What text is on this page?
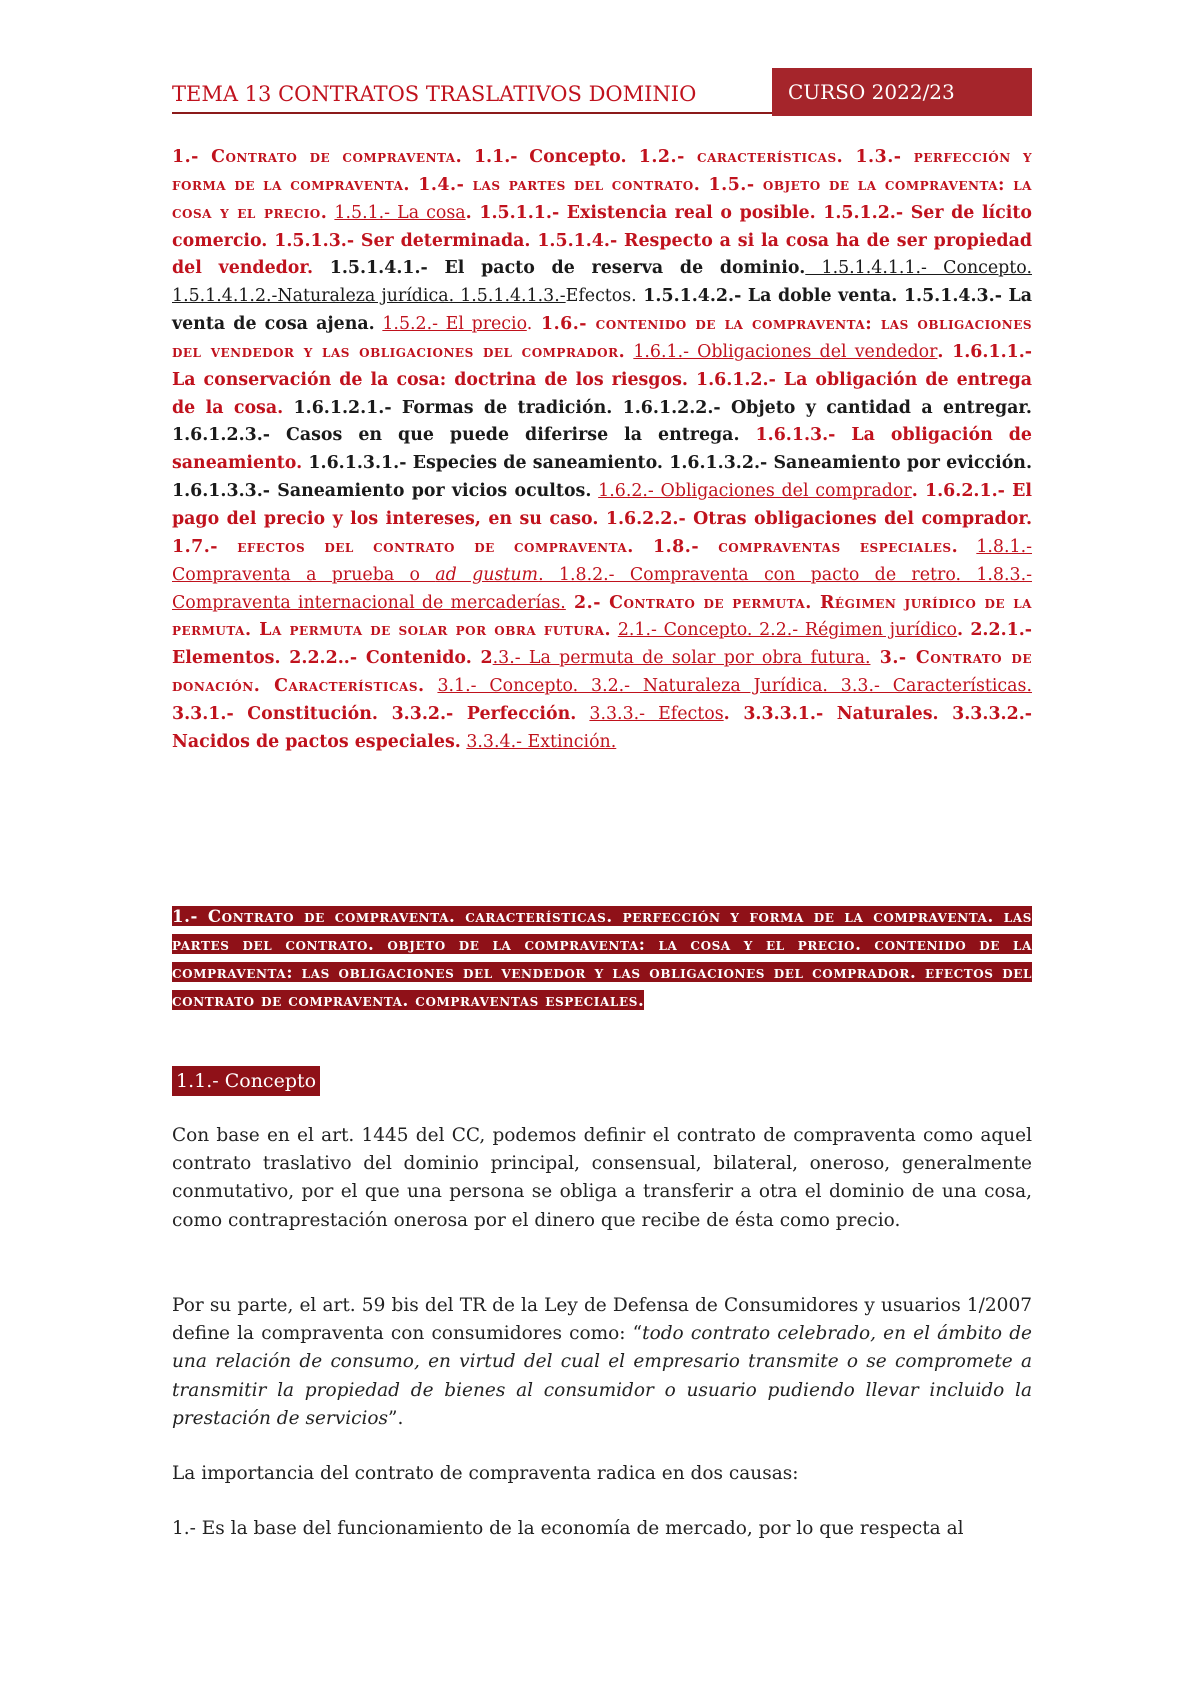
TEMA 13 CONTRATOS TRASLATIVOS DOMINIO	CURSO 2022/23
1.- Contrato de compraventa. 1.1.- Concepto. 1.2.- características. 1.3.- perfección y forma de la compraventa. 1.4.- las partes del contrato. 1.5.- objeto de la compraventa: la cosa y el precio. 1.5.1.- La cosa. 1.5.1.1.- Existencia real o posible. 1.5.1.2.- Ser de lícito comercio. 1.5.1.3.- Ser determinada. 1.5.1.4.- Respecto a si la cosa ha de ser propiedad del vendedor. 1.5.1.4.1.- El pacto de reserva de dominio. 1.5.1.4.1.1.- Concepto. 1.5.1.4.1.2.-Naturaleza jurídica. 1.5.1.4.1.3.-Efectos. 1.5.1.4.2.- La doble venta. 1.5.1.4.3.- La venta de cosa ajena. 1.5.2.- El precio. 1.6.- contenido de la compraventa: las obligaciones del vendedor y las obligaciones del comprador. 1.6.1.- Obligaciones del vendedor. 1.6.1.1.- La conservación de la cosa: doctrina de los riesgos. 1.6.1.2.- La obligación de entrega de la cosa. 1.6.1.2.1.- Formas de tradición. 1.6.1.2.2.- Objeto y cantidad a entregar. 1.6.1.2.3.- Casos en que puede diferirse la entrega. 1.6.1.3.- La obligación de saneamiento. 1.6.1.3.1.- Especies de saneamiento. 1.6.1.3.2.- Saneamiento por evicción. 1.6.1.3.3.- Saneamiento por vicios ocultos. 1.6.2.- Obligaciones del comprador. 1.6.2.1.- El pago del precio y los intereses, en su caso. 1.6.2.2.- Otras obligaciones del comprador. 1.7.- efectos del contrato de compraventa. 1.8.- compraventas especiales. 1.8.1.- Compraventa a prueba o ad gustum. 1.8.2.- Compraventa con pacto de retro. 1.8.3.- Compraventa internacional de mercaderías. 2.- Contrato de permuta. Régimen jurídico de la permuta. La permuta de solar por obra futura. 2.1.- Concepto. 2.2.- Régimen jurídico. 2.2.1.- Elementos. 2.2.2..- Contenido. 2.3.- La permuta de solar por obra futura. 3.- Contrato de donación. Características. 3.1.- Concepto. 3.2.- Naturaleza Jurídica. 3.3.- Características. 3.3.1.- Constitución. 3.3.2.- Perfección. 3.3.3.- Efectos. 3.3.3.1.- Naturales. 3.3.3.2.- Nacidos de pactos especiales. 3.3.4.- Extinción.
1.- Contrato de compraventa. características. perfección y forma de la compraventa. las partes del contrato. objeto de la compraventa: la cosa y el precio. contenido de la compraventa: las obligaciones del vendedor y las obligaciones del comprador. efectos del contrato de compraventa. compraventas especiales.
1.1.- Concepto
Con base en el art. 1445 del CC, podemos definir el contrato de compraventa como aquel contrato traslativo del dominio principal, consensual, bilateral, oneroso, generalmente conmutativo, por el que una persona se obliga a transferir a otra el dominio de una cosa, como contraprestación onerosa por el dinero que recibe de ésta como precio.
Por su parte, el art. 59 bis del TR de la Ley de Defensa de Consumidores y usuarios 1/2007 define la compraventa con consumidores como: “todo contrato celebrado, en el ámbito de una relación de consumo, en virtud del cual el empresario transmite o se compromete a transmitir la propiedad de bienes al consumidor o usuario pudiendo llevar incluido la prestación de servicios”.
La importancia del contrato de compraventa radica en dos causas:
1.- Es la base del funcionamiento de la economía de mercado, por lo que respecta al
